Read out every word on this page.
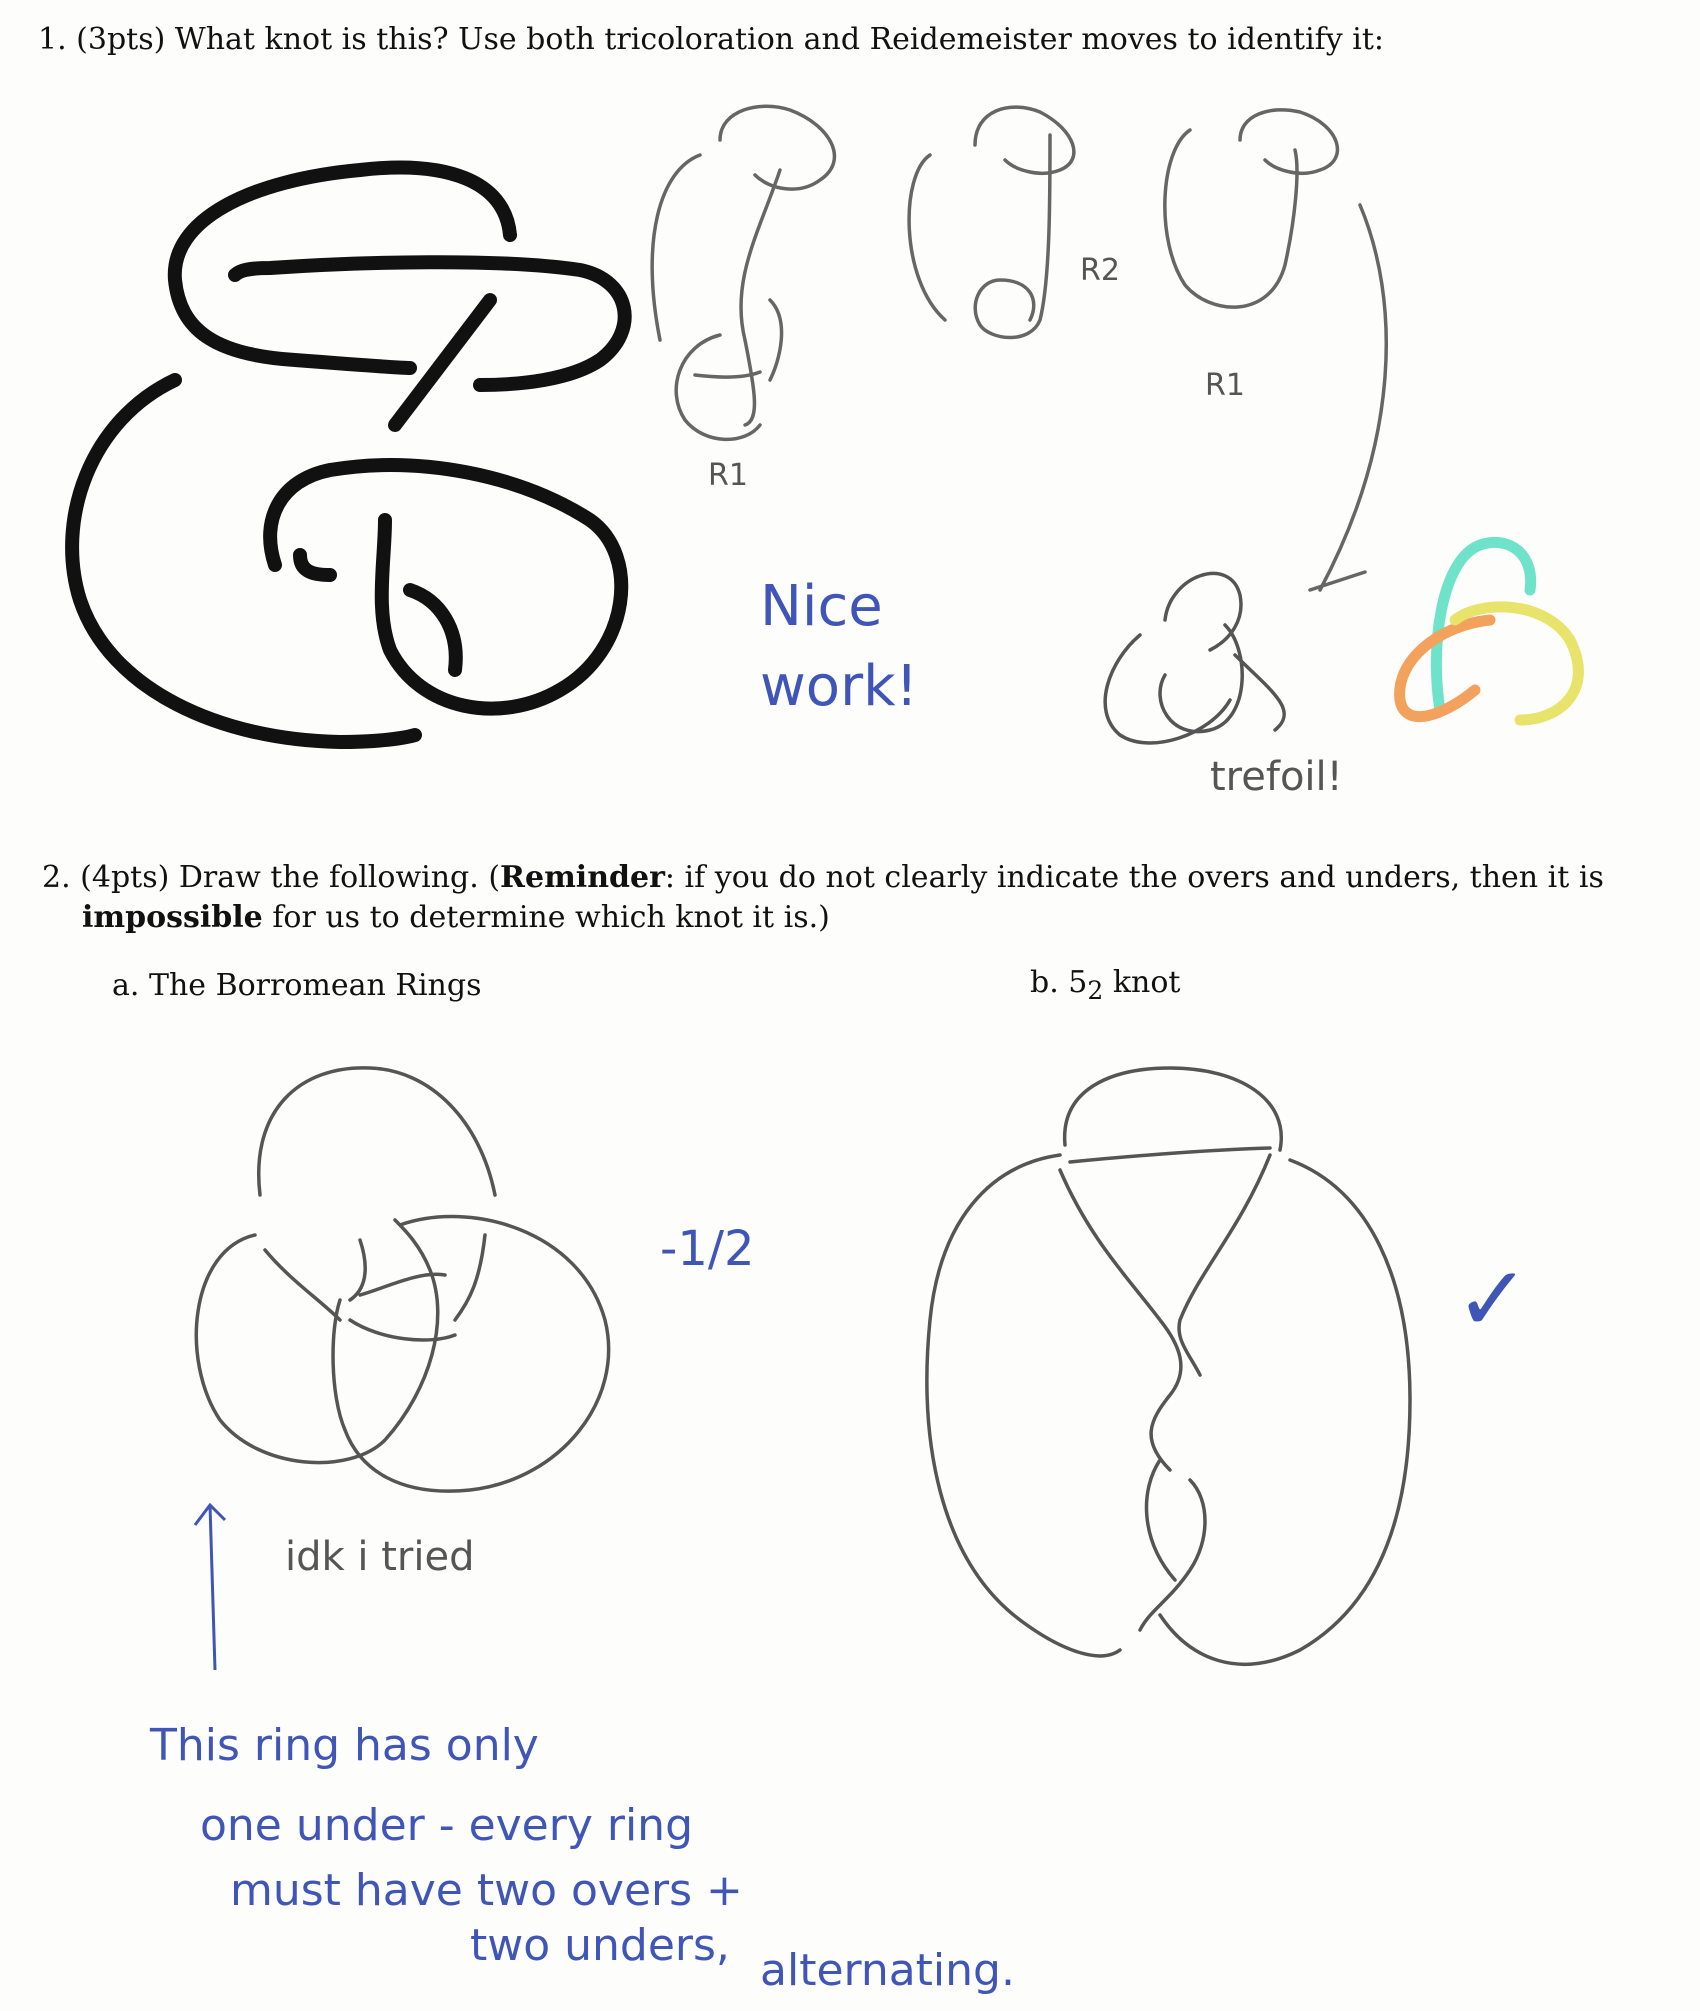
1. (3pts) What knot is this? Use both tricoloration and Reidemeister moves to identify it:
2. (4pts) Draw the following. (Reminder: if you do not clearly indicate the overs and unders, then it is
impossible for us to determine which knot it is.)
a. The Borromean Rings	b. $5_2$ knot
R1
R2
R1
trefoil!
idk i tried
Nice
work!
-1/2	✓
This ring has only
one under - every ring
must have two overs +
two unders, alternating.
